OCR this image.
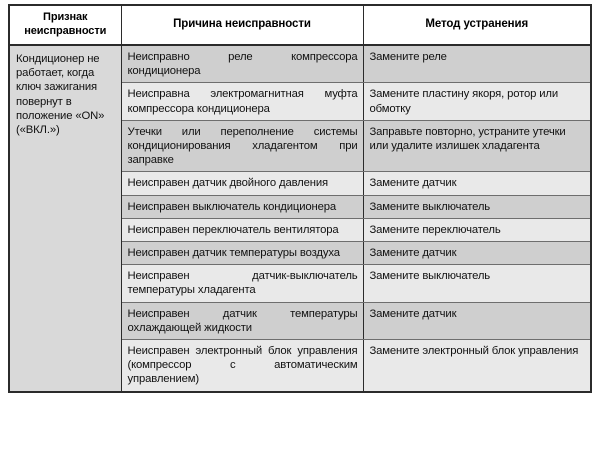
Признак неисправности	Причина неисправности	Метод устранения
Кондиционер не работает, когда ключ зажигания повернут в положение «ON» («ВКЛ.»)	Неисправно реле компрессора кондиционера	Замените реле
	Неисправна электромагнитная муфта компрессора кондиционера	Замените пластину якоря, ротор или обмотку
	Утечки или переполнение системы кондиционирования хладагентом при заправке	Заправьте повторно, устраните утечки или удалите излишек хладагента
	Неисправен датчик двойного давления	Замените датчик
	Неисправен выключатель кондиционера	Замените выключатель
	Неисправен переключатель вентилятора	Замените переключатель
	Неисправен датчик температуры воздуха	Замените датчик
	Неисправен датчик-выключатель температуры хладагента	Замените выключатель
	Неисправен датчик температуры охлаждающей жидкости	Замените датчик
	Неисправен электронный блок управления (компрессор с автоматическим управлением)	Замените электронный блок управления
